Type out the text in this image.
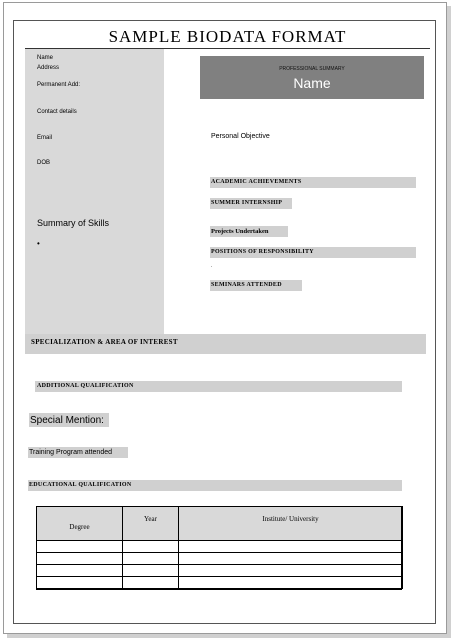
SAMPLE BIODATA FORMAT
Name
Address
Permanent Add:
Contact details
Email
DOB
Summary of Skills
•
PROFESSIONAL SUMMARY
Name
Personal Objective
ACADEMIC ACHIEVEMENTS
SUMMER INTERNSHIP
Projects Undertaken
POSITIONS OF RESPONSIBILITY
.
SEMINARS ATTENDED
SPECIALIZATION & AREA OF INTEREST
ADDITIONAL QUALIFICATION
Special Mention:
Training Program attended
EDUCATIONAL QUALIFICATION
Degree	Year	Institute/ University
